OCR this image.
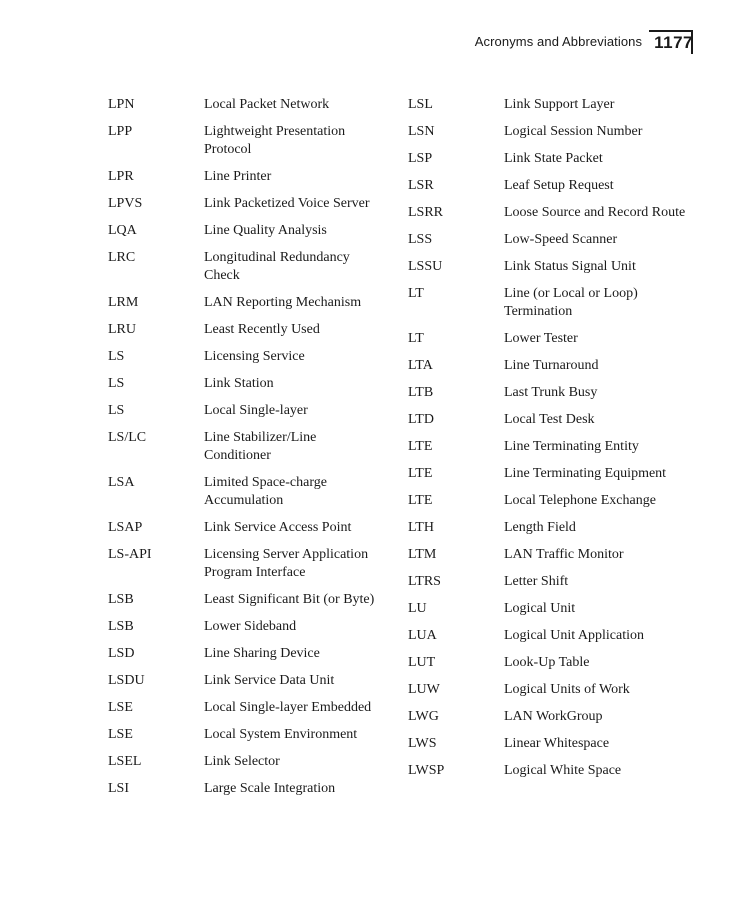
Acronyms and Abbreviations 1177
LPN	Local Packet Network
LPP	Lightweight Presentation Protocol
LPR	Line Printer
LPVS	Link Packetized Voice Server
LQA	Line Quality Analysis
LRC	Longitudinal Redundancy Check
LRM	LAN Reporting Mechanism
LRU	Least Recently Used
LS	Licensing Service
LS	Link Station
LS	Local Single-layer
LS/LC	Line Stabilizer/Line Conditioner
LSA	Limited Space-charge Accumulation
LSAP	Link Service Access Point
LS-API	Licensing Server Application Program Interface
LSB	Least Significant Bit (or Byte)
LSB	Lower Sideband
LSD	Line Sharing Device
LSDU	Link Service Data Unit
LSE	Local Single-layer Embedded
LSE	Local System Environment
LSEL	Link Selector
LSI	Large Scale Integration
LSL	Link Support Layer
LSN	Logical Session Number
LSP	Link State Packet
LSR	Leaf Setup Request
LSRR	Loose Source and Record Route
LSS	Low-Speed Scanner
LSSU	Link Status Signal Unit
LT	Line (or Local or Loop) Termination
LT	Lower Tester
LTA	Line Turnaround
LTB	Last Trunk Busy
LTD	Local Test Desk
LTE	Line Terminating Entity
LTE	Line Terminating Equipment
LTE	Local Telephone Exchange
LTH	Length Field
LTM	LAN Traffic Monitor
LTRS	Letter Shift
LU	Logical Unit
LUA	Logical Unit Application
LUT	Look-Up Table
LUW	Logical Units of Work
LWG	LAN WorkGroup
LWS	Linear Whitespace
LWSP	Logical White Space
